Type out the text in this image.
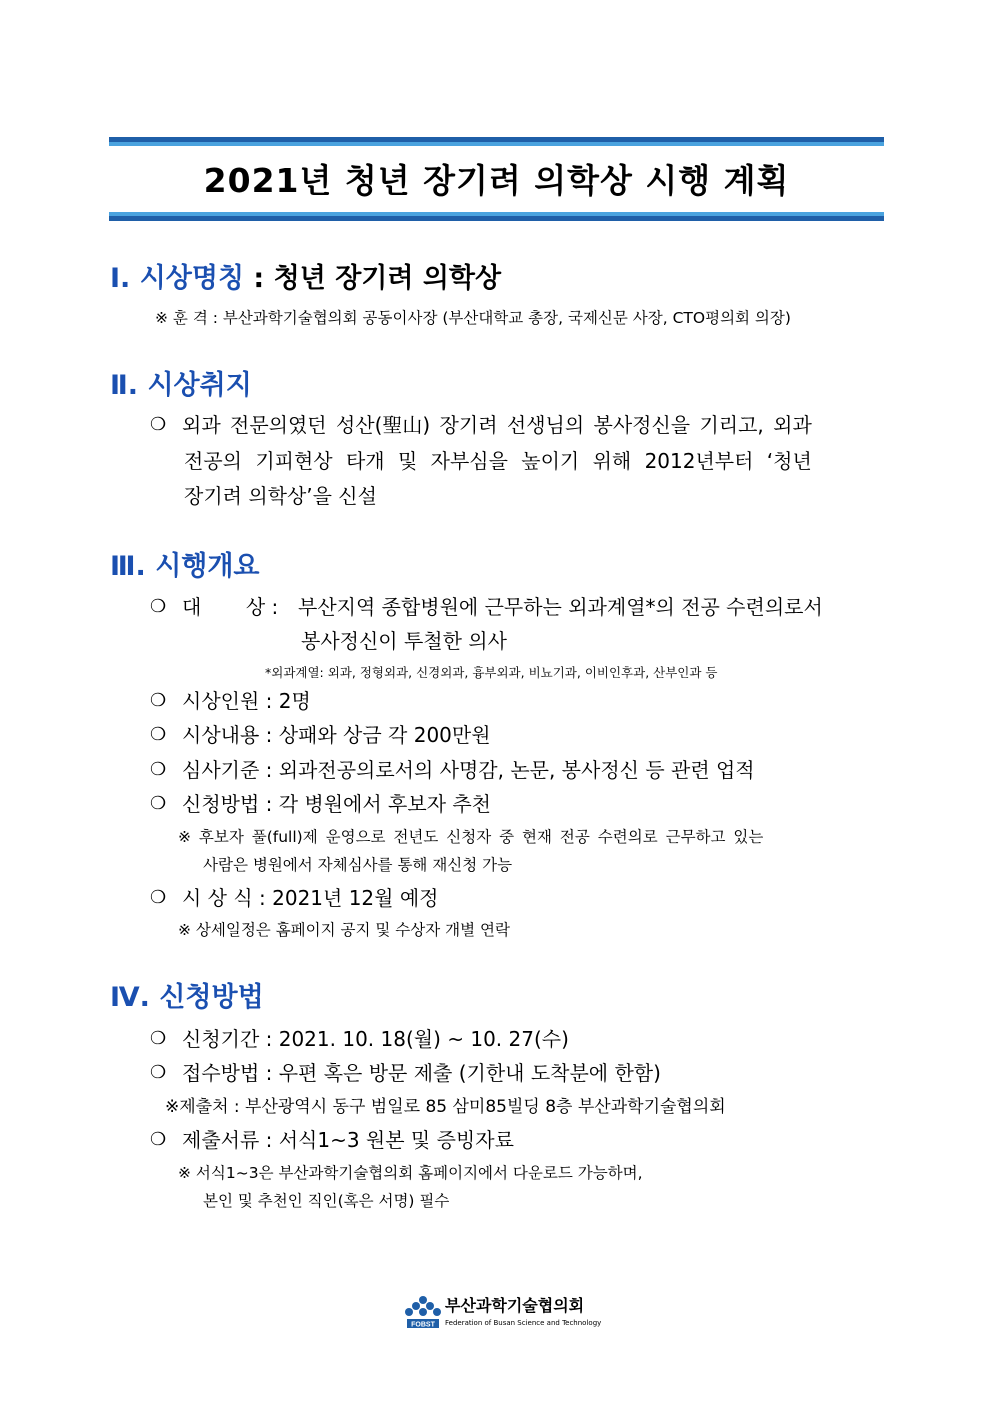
2021년 청년 장기려 의학상 시행 계획
Ⅰ. 시상명칭 : 청년 장기려 의학상
※ 훈 격 : 부산과학기술협의회 공동이사장 (부산대학교 총장, 국제신문 사장, CTO평의회 의장)
Ⅱ. 시상취지
❍ 외과 전문의였던 성산(聖山) 장기려 선생님의 봉사정신을 기리고, 외과
전공의 기피현상 타개 및 자부심을 높이기 위해 2012년부터 ‘청년
장기려 의학상’을 신설
Ⅲ. 시행개요
❍ 대       상 : 부산지역 종합병원에 근무하는 외과계열*의 전공 수련의로서
봉사정신이 투철한 의사
*외과계열: 외과, 정형외과, 신경외과, 흉부외과, 비뇨기과, 이비인후과, 산부인과 등
❍ 시상인원 : 2명
❍ 시상내용 : 상패와 상금 각 200만원
❍ 심사기준 : 외과전공의로서의 사명감, 논문, 봉사정신 등 관련 업적
❍ 신청방법 : 각 병원에서 후보자 추천
※ 후보자 풀(full)제 운영으로 전년도 신청자 중 현재 전공 수련의로 근무하고 있는
사람은 병원에서 자체심사를 통해 재신청 가능
❍ 시 상 식 : 2021년 12월 예정
※ 상세일정은 홈페이지 공지 및 수상자 개별 연락
Ⅳ. 신청방법
❍ 신청기간 : 2021. 10. 18(월) ~ 10. 27(수)
❍ 접수방법 : 우편 혹은 방문 제출 (기한내 도착분에 한함)
※제출처 : 부산광역시 동구 범일로 85 삼미85빌딩 8층 부산과학기술협의회
❍ 제출서류 : 서식1~3 원본 및 증빙자료
※ 서식1~3은 부산과학기술협의회 홈페이지에서 다운로드 가능하며,
본인 및 추천인 직인(혹은 서명) 필수
FOBST
부산과학기술협의회
Federation of Busan Science and Technology
